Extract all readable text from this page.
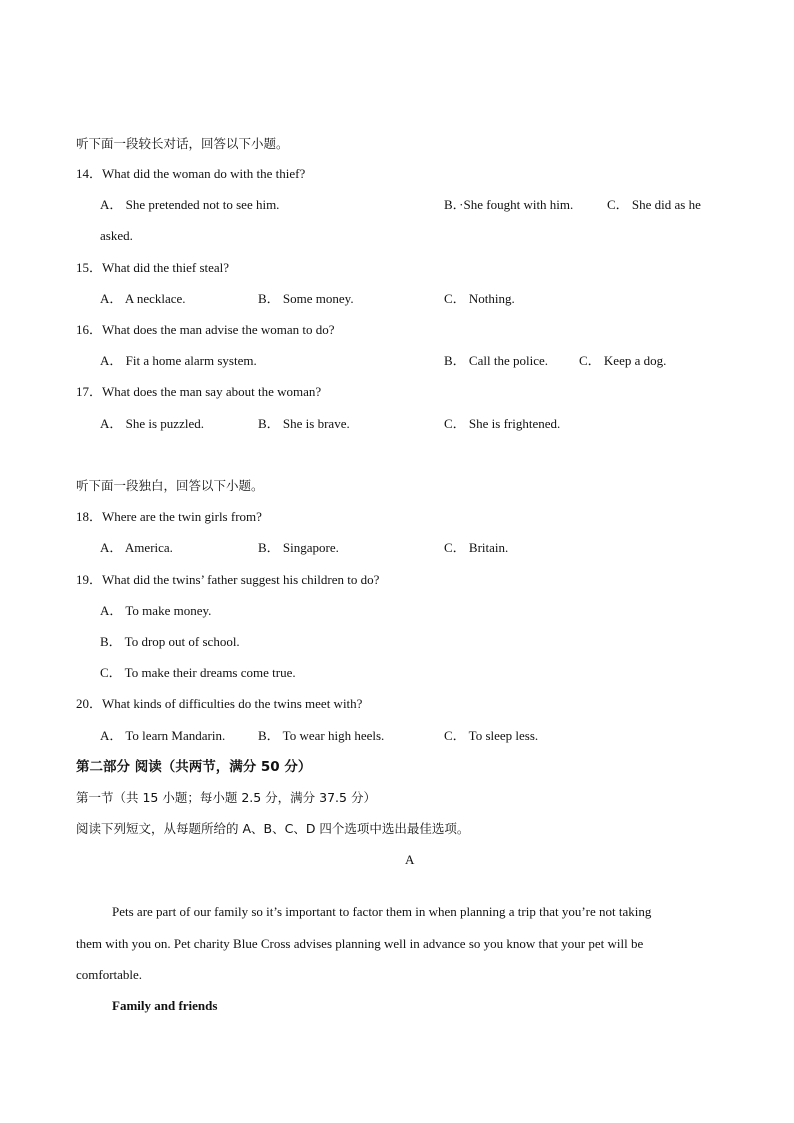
听下面一段较长对话，回答以下小题。
14．What did the woman do with the thief?
A． She pretended not to see him.	B．·She fought with him.	C． She did as he
asked.
15．What did the thief steal?
A． A necklace.	B． Some money.	C． Nothing.
16．What does the man advise the woman to do?
A． Fit a home alarm system.	B． Call the police. C． Keep a dog.
17．What does the man say about the woman?
A． She is puzzled.	B． She is brave.	C． She is frightened.
听下面一段独白，回答以下小题。
18．Where are the twin girls from?
A． America.	B． Singapore.	C． Britain.
19．What did the twins’ father suggest his children to do?
A． To make money.
B． To drop out of school.
C． To make their dreams come true.
20．What kinds of difficulties do the twins meet with?
A． To learn Mandarin.	B． To wear high heels.	C． To sleep less.
第二部分 阅读（共两节，满分 50 分）
第一节（共 15 小题；每小题 2.5 分，满分 37.5 分）
阅读下列短文，从每题所给的 A、B、C、D 四个选项中选出最佳选项。
A
Pets are part of our family so it’s important to factor them in when planning a trip that you’re not taking
them with you on. Pet charity Blue Cross advises planning well in advance so you know that your pet will be
comfortable.
Family and friends
